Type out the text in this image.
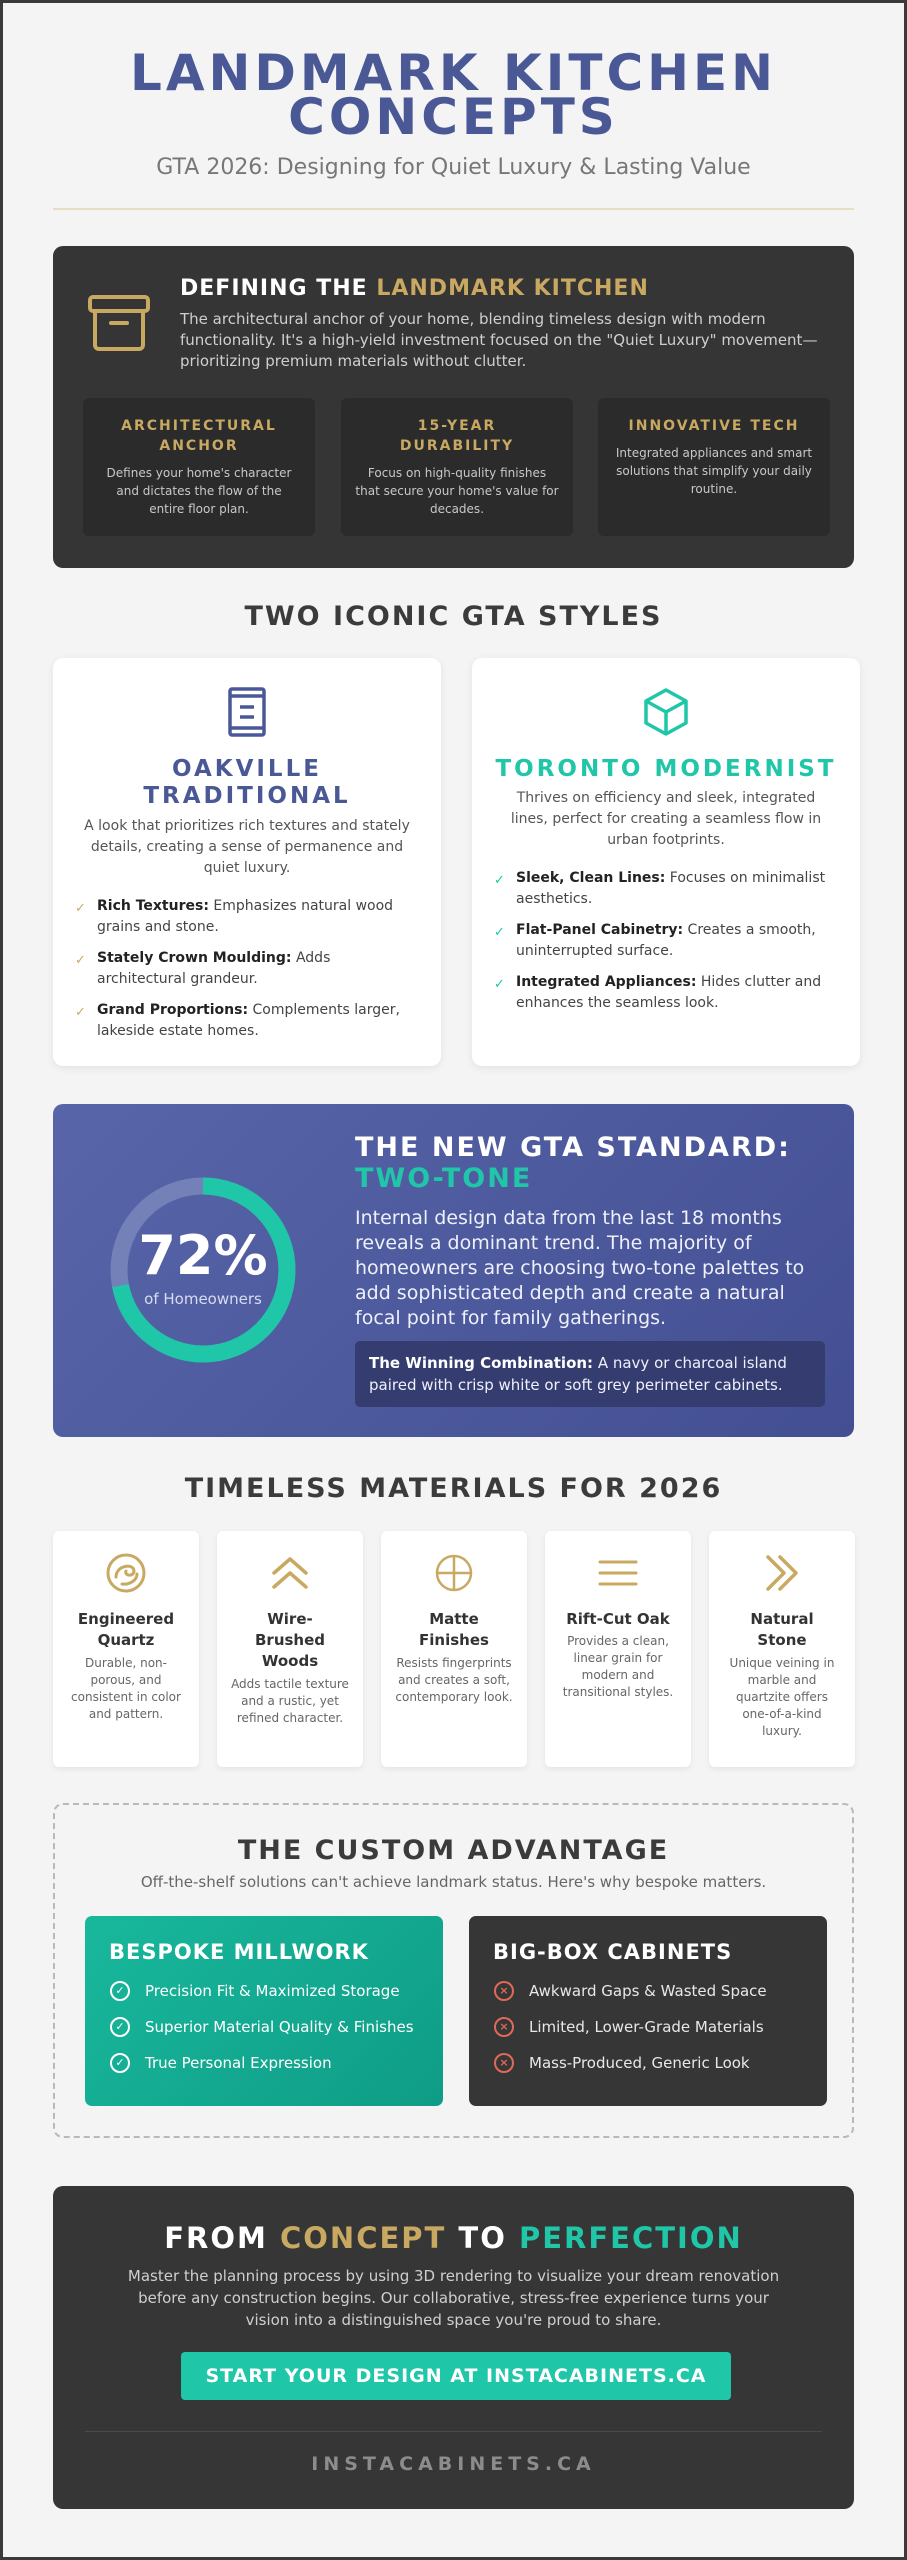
LANDMARK KITCHEN
CONCEPTS
GTA 2026: Designing for Quiet Luxury & Lasting Value
DEFINING THE LANDMARK KITCHEN
The architectural anchor of your home, blending timeless design with modern functionality. It's a high-yield investment focused on the "Quiet Luxury" movement—prioritizing premium materials without clutter.
ARCHITECTURAL ANCHOR
Defines your home's character and dictates the flow of the entire floor plan.
15-YEAR DURABILITY
Focus on high-quality finishes that secure your home's value for decades.
INNOVATIVE TECH
Integrated appliances and smart solutions that simplify your daily routine.
TWO ICONIC GTA STYLES
OAKVILLE
TRADITIONAL
A look that prioritizes rich textures and stately details, creating a sense of permanence and quiet luxury.
✓ Rich Textures: Emphasizes natural wood grains and stone.
✓ Stately Crown Moulding: Adds architectural grandeur.
✓ Grand Proportions: Complements larger, lakeside estate homes.
TORONTO MODERNIST
Thrives on efficiency and sleek, integrated lines, perfect for creating a seamless flow in urban footprints.
✓ Sleek, Clean Lines: Focuses on minimalist aesthetics.
✓ Flat-Panel Cabinetry: Creates a smooth, uninterrupted surface.
✓ Integrated Appliances: Hides clutter and enhances the seamless look.
72%
of Homeowners
THE NEW GTA STANDARD:
TWO-TONE
Internal design data from the last 18 months reveals a dominant trend. The majority of homeowners are choosing two-tone palettes to add sophisticated depth and create a natural focal point for family gatherings.
The Winning Combination: A navy or charcoal island paired with crisp white or soft grey perimeter cabinets.
TIMELESS MATERIALS FOR 2026
Engineered Quartz
Durable, non-porous, and consistent in color and pattern.
Wire-Brushed Woods
Adds tactile texture and a rustic, yet refined character.
Matte Finishes
Resists fingerprints and creates a soft, contemporary look.
Rift-Cut Oak
Provides a clean, linear grain for modern and transitional styles.
Natural Stone
Unique veining in marble and quartzite offers one-of-a-kind luxury.
THE CUSTOM ADVANTAGE
Off-the-shelf solutions can't achieve landmark status. Here's why bespoke matters.
BESPOKE MILLWORK
✓	Precision Fit & Maximized Storage
✓	Superior Material Quality & Finishes
✓	True Personal Expression
BIG-BOX CABINETS
×	Awkward Gaps & Wasted Space
×	Limited, Lower-Grade Materials
×	Mass-Produced, Generic Look
FROM CONCEPT TO PERFECTION
Master the planning process by using 3D rendering to visualize your dream renovation before any construction begins. Our collaborative, stress-free experience turns your vision into a distinguished space you're proud to share.
START YOUR DESIGN AT INSTACABINETS.CA
INSTACABINETS.CA
